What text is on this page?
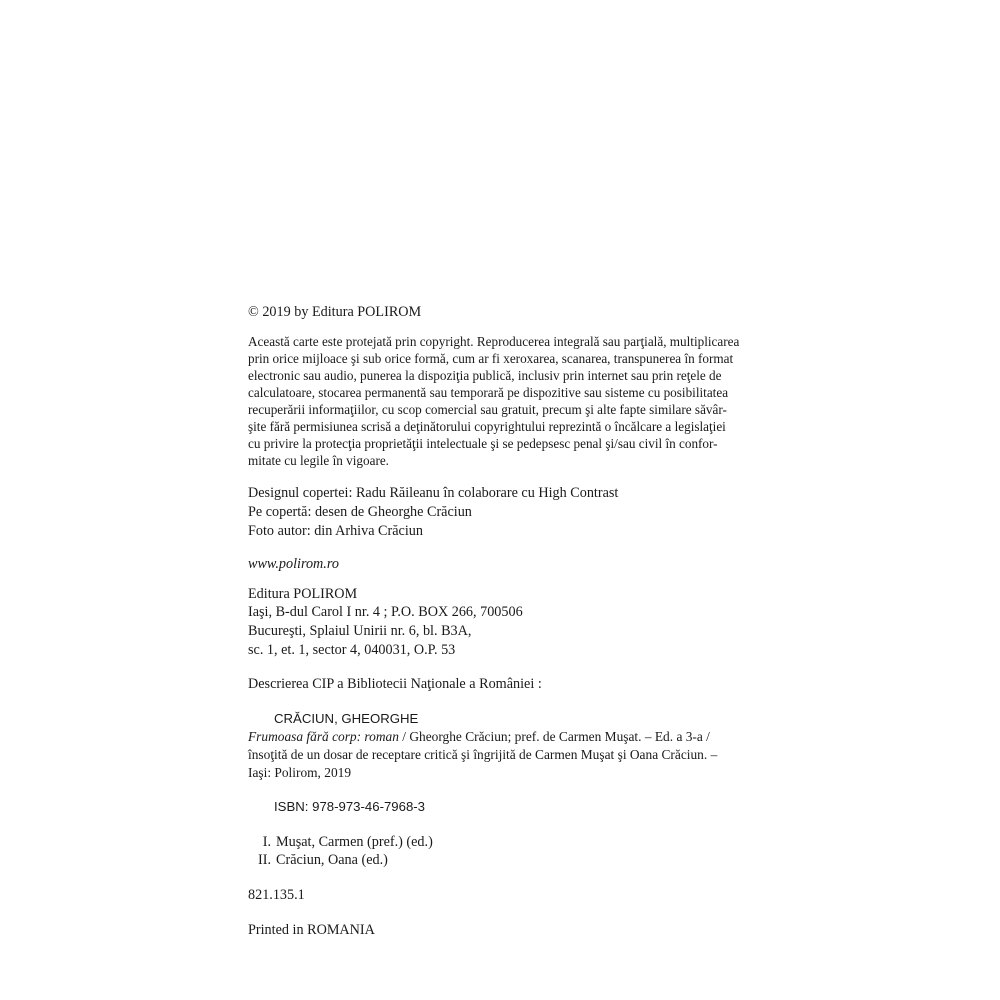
© 2019 by Editura POLIROM
Această carte este protejată prin copyright. Reproducerea integrală sau parţială, multiplicarea
prin orice mijloace şi sub orice formă, cum ar fi xeroxarea, scanarea, transpunerea în format
electronic sau audio, punerea la dispoziţia publică, inclusiv prin internet sau prin reţele de
calculatoare, stocarea permanentă sau temporară pe dispozitive sau sisteme cu posibilitatea
recuperării informaţiilor, cu scop comercial sau gratuit, precum şi alte fapte similare săvâr-
şite fără permisiunea scrisă a deţinătorului copyrightului reprezintă o încălcare a legislaţiei
cu privire la protecţia proprietăţii intelectuale şi se pedepsesc penal şi/sau civil în confor-
mitate cu legile în vigoare.
Designul copertei: Radu Răileanu în colaborare cu High Contrast
Pe copertă: desen de Gheorghe Crăciun
Foto autor: din Arhiva Crăciun
www.polirom.ro
Editura POLIROM
Iaşi, B-dul Carol I nr. 4 ; P.O. BOX 266, 700506
Bucureşti, Splaiul Unirii nr. 6, bl. B3A,
sc. 1, et. 1, sector 4, 040031, O.P. 53
Descrierea CIP a Bibliotecii Naţionale a României :
CRĂCIUN, GHEORGHE
Frumoasa fără corp: roman / Gheorghe Crăciun; pref. de Carmen Muşat. – Ed. a 3-a /
însoţită de un dosar de receptare critică şi îngrijită de Carmen Muşat şi Oana Crăciun. –
Iaşi: Polirom, 2019
ISBN: 978-973-46-7968-3
I. Muşat, Carmen (pref.) (ed.)
II. Crăciun, Oana (ed.)
821.135.1
Printed in ROMANIA
